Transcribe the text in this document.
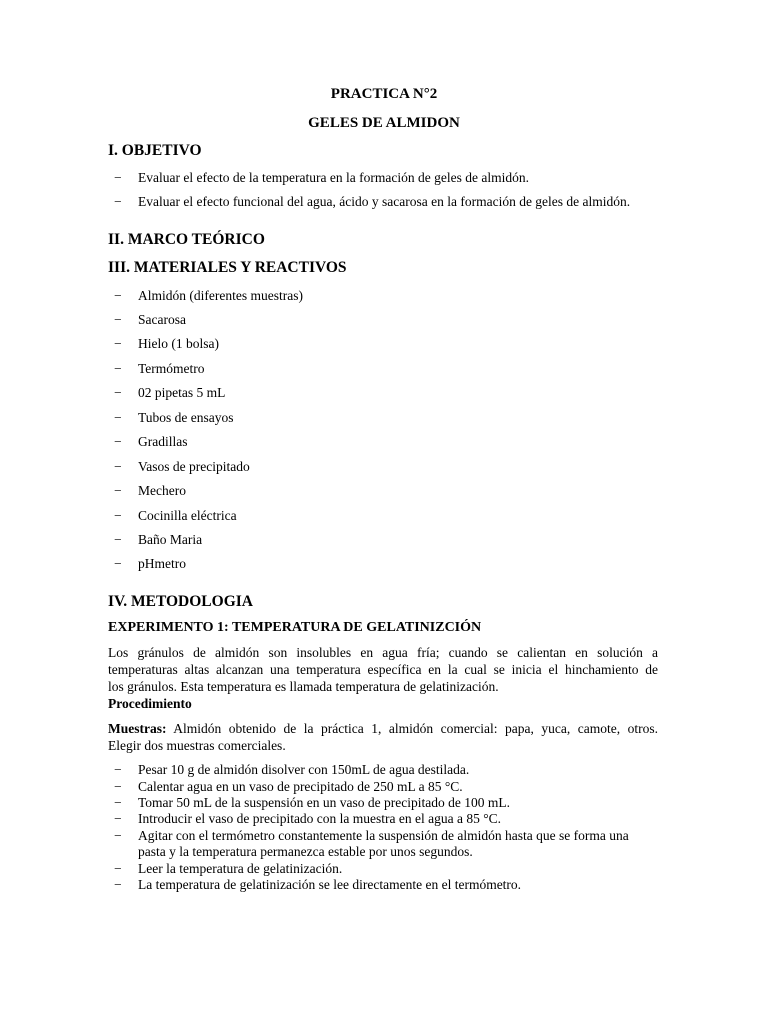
PRACTICA N°2
GELES DE ALMIDON
I. OBJETIVO
− Evaluar el efecto de la temperatura en la formación de geles de almidón.
− Evaluar el efecto funcional del agua, ácido y sacarosa en la formación de geles de almidón.
II. MARCO TEÓRICO
III. MATERIALES Y REACTIVOS
− Almidón (diferentes muestras)
− Sacarosa
− Hielo (1 bolsa)
− Termómetro
− 02 pipetas 5 mL
− Tubos de ensayos
− Gradillas
− Vasos de precipitado
− Mechero
− Cocinilla eléctrica
− Baño Maria
− pHmetro
IV. METODOLOGIA
EXPERIMENTO 1: TEMPERATURA DE GELATINIZCIÓN
Los gránulos de almidón son insolubles en agua fría; cuando se calientan en solución a
temperaturas altas alcanzan una temperatura específica en la cual se inicia el hinchamiento de
los gránulos. Esta temperatura es llamada temperatura de gelatinización.
Procedimiento
Muestras: Almidón obtenido de la práctica 1, almidón comercial: papa, yuca, camote, otros.
Elegir dos muestras comerciales.
− Pesar 10 g de almidón disolver con 150mL de agua destilada.
− Calentar agua en un vaso de precipitado de 250 mL a 85 °C.
− Tomar 50 mL de la suspensión en un vaso de precipitado de 100 mL.
− Introducir el vaso de precipitado con la muestra en el agua a 85 °C.
− Agitar con el termómetro constantemente la suspensión de almidón hasta que se forma una
pasta y la temperatura permanezca estable por unos segundos.
− Leer la temperatura de gelatinización.
− La temperatura de gelatinización se lee directamente en el termómetro.
